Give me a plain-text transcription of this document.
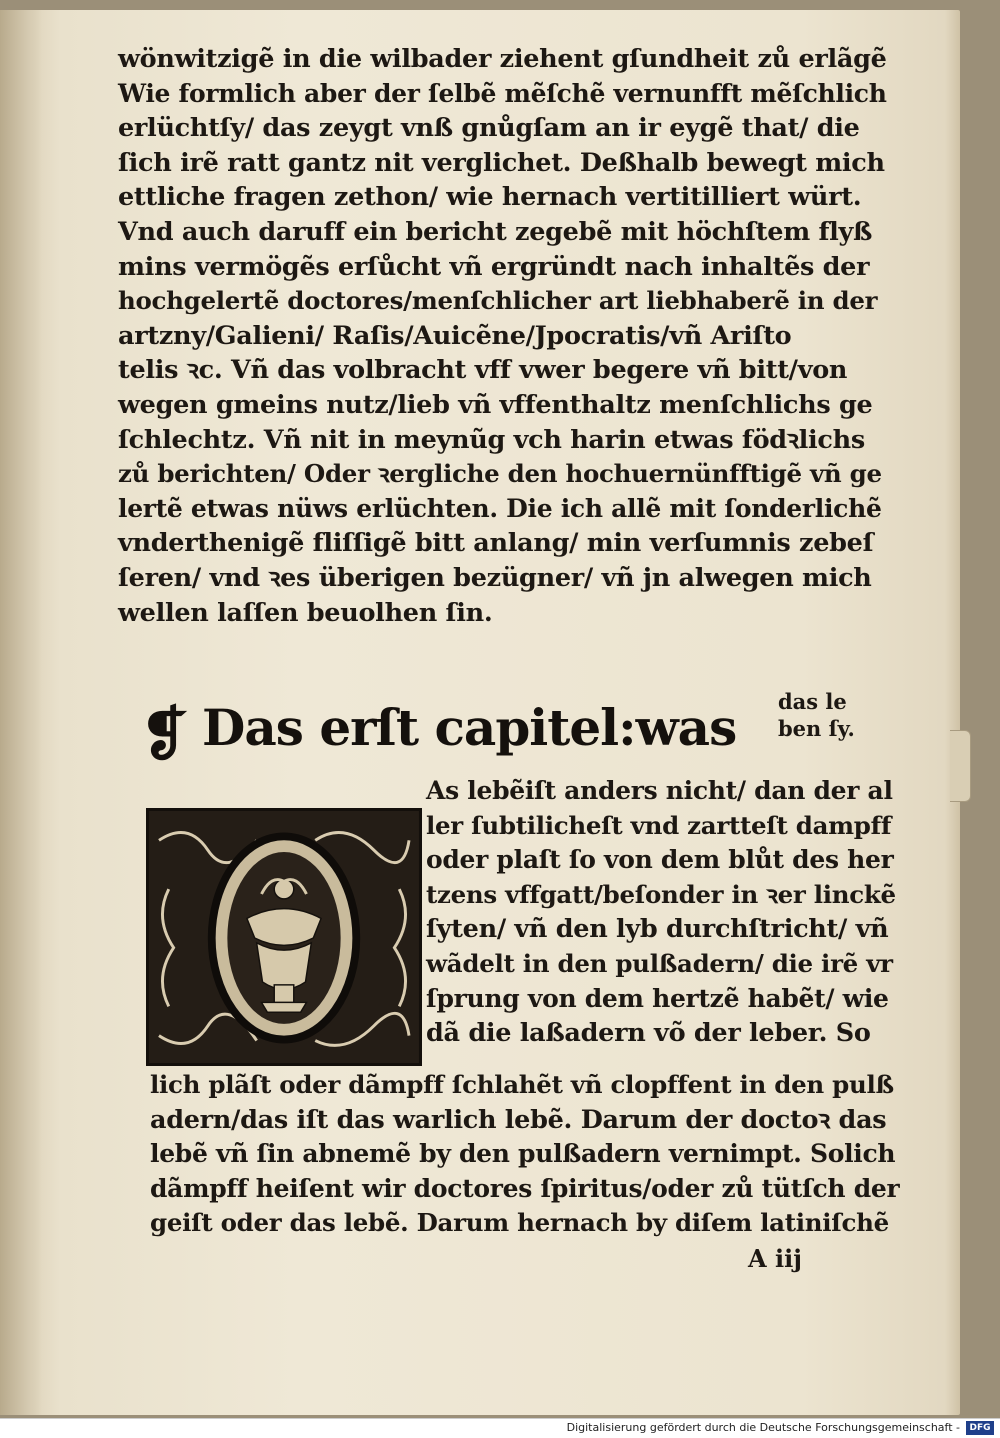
wönwitzigẽ in die wilbader ziehent gſundheit zů erlãgẽ
Wie formlich aber der ſelbẽ mẽſchẽ vernunfft mẽſchlich
erlüchtſy/ das zeygt vnß gnůgſam an ir eygẽ that/ die
ſich irẽ ratt gantz nit verglichet. Deßhalb bewegt mich
ettliche fragen zethon/ wie hernach vertitilliert würt.
Vnd auch daruff ein bericht zegebẽ mit höchſtem flyß
mins vermögẽs erſůcht vñ ergründt nach inhaltẽs der
hochgelertẽ doctores/menſchlicher art liebhaberẽ in der
artzny/Galieni/ Raſis/Auicẽne/Jpocratis/vñ Ariſto
telis ꝛc. Vñ das volbracht vff vwer begere vñ bitt/von
wegen gmeins nutz/lieb vñ vffenthaltz menſchlichs ge
ſchlechtz. Vñ nit in meynũg vch harin etwas födꝛlichs
zů berichten/ Oder ꝛergliche den hochuernünfftigẽ vñ ge
lertẽ etwas nüws erlüchten. Die ich allẽ mit ſonderlichẽ
vnderthenigẽ fliſſigẽ bitt anlang/ min verſumnis zebeſ
ſeren/ vnd ꝛes überigen bezügner/ vñ jn alwegen mich
wellen laſſen beuolhen ſin.
❡ Das erſt capitel:was das le
ben ſy.
As lebẽiſt anders nicht/ dan der al
ler ſubtilicheſt vnd zartteſt dampff
oder plaſt ſo von dem blůt des her
tzens vffgatt/beſonder in ꝛer linckẽ
ſyten/ vñ den lyb durchſtricht/ vñ
wãdelt in den pulßadern/ die irẽ vr
ſprung von dem hertzẽ habẽt/ wie
dã die laßadern võ der leber. So
lich plãſt oder dãmpff ſchlahẽt vñ clopffent in den pulß
adern/das iſt das warlich lebẽ. Darum der doctoꝛ das
lebẽ vñ ſin abnemẽ by den pulßadern vernimpt. Solich
dãmpff heiſent wir doctores ſpiritus/oder zů tütſch der
geiſt oder das lebẽ. Darum hernach by diſem latiniſchẽ
A iij
Digitalisierung gefördert durch die Deutsche Forschungsgemeinschaft -	DFG
